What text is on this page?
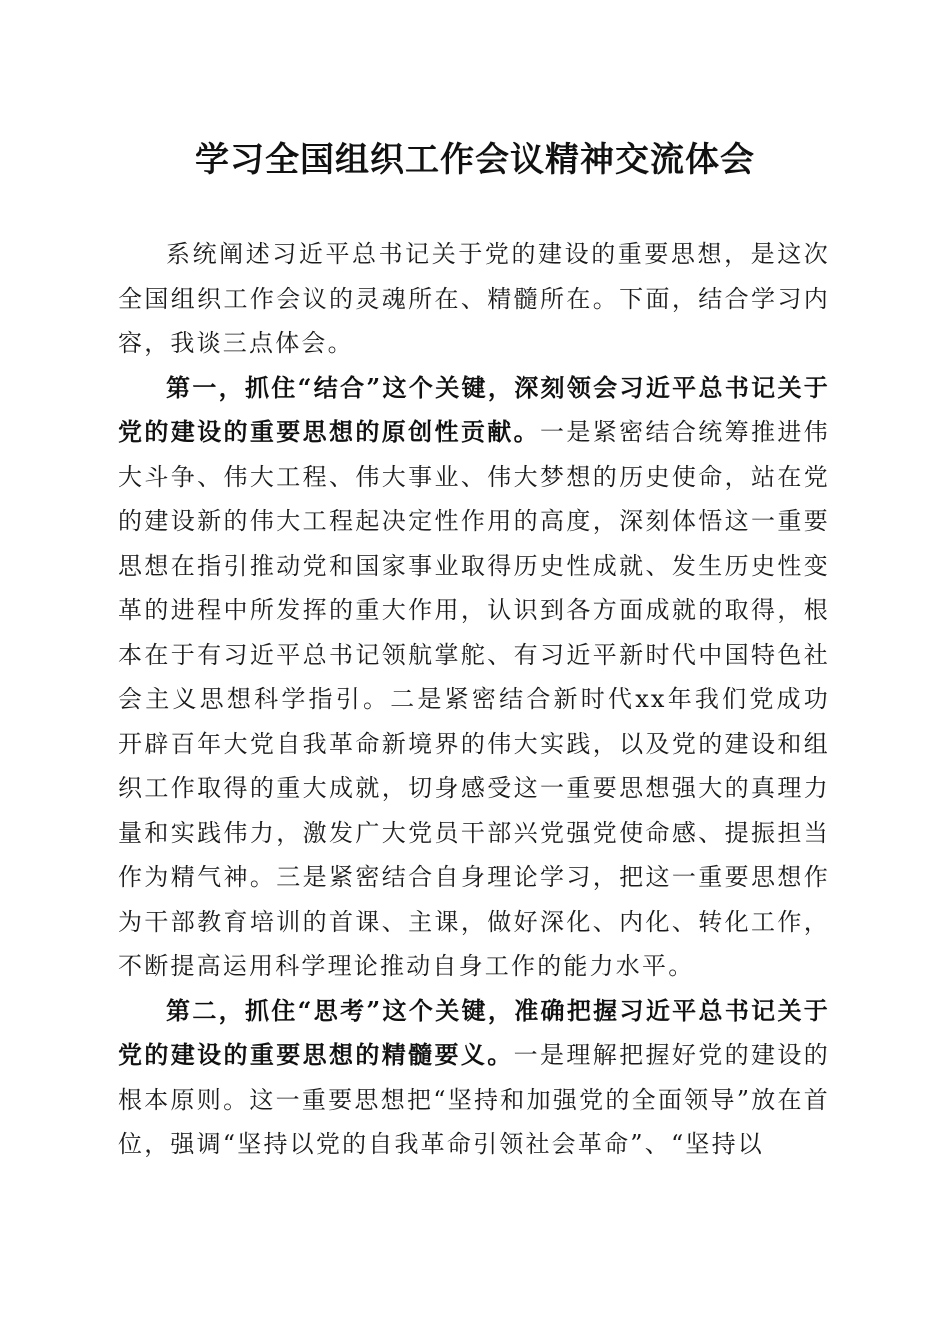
学习全国组织工作会议精神交流体会

系统阐述习近平总书记关于党的建设的重要思想，是这次全国组织工作会议的灵魂所在、精髓所在。下面，结合学习内容，我谈三点体会。

第一，抓住“结合”这个关键，深刻领会习近平总书记关于党的建设的重要思想的原创性贡献。一是紧密结合统筹推进伟大斗争、伟大工程、伟大事业、伟大梦想的历史使命，站在党的建设新的伟大工程起决定性作用的高度，深刻体悟这一重要思想在指引推动党和国家事业取得历史性成就、发生历史性变革的进程中所发挥的重大作用，认识到各方面成就的取得，根本在于有习近平总书记领航掌舵、有习近平新时代中国特色社会主义思想科学指引。二是紧密结合新时代xx年我们党成功开辟百年大党自我革命新境界的伟大实践，以及党的建设和组织工作取得的重大成就，切身感受这一重要思想强大的真理力量和实践伟力，激发广大党员干部兴党强党使命感、提振担当作为精气神。三是紧密结合自身理论学习，把这一重要思想作为干部教育培训的首课、主课，做好深化、内化、转化工作，不断提高运用科学理论推动自身工作的能力水平。

第二，抓住“思考”这个关键，准确把握习近平总书记关于党的建设的重要思想的精髓要义。一是理解把握好党的建设的根本原则。这一重要思想把“坚持和加强党的全面领导”放在首位，强调“坚持以党的自我革命引领社会革命”、“坚持以
